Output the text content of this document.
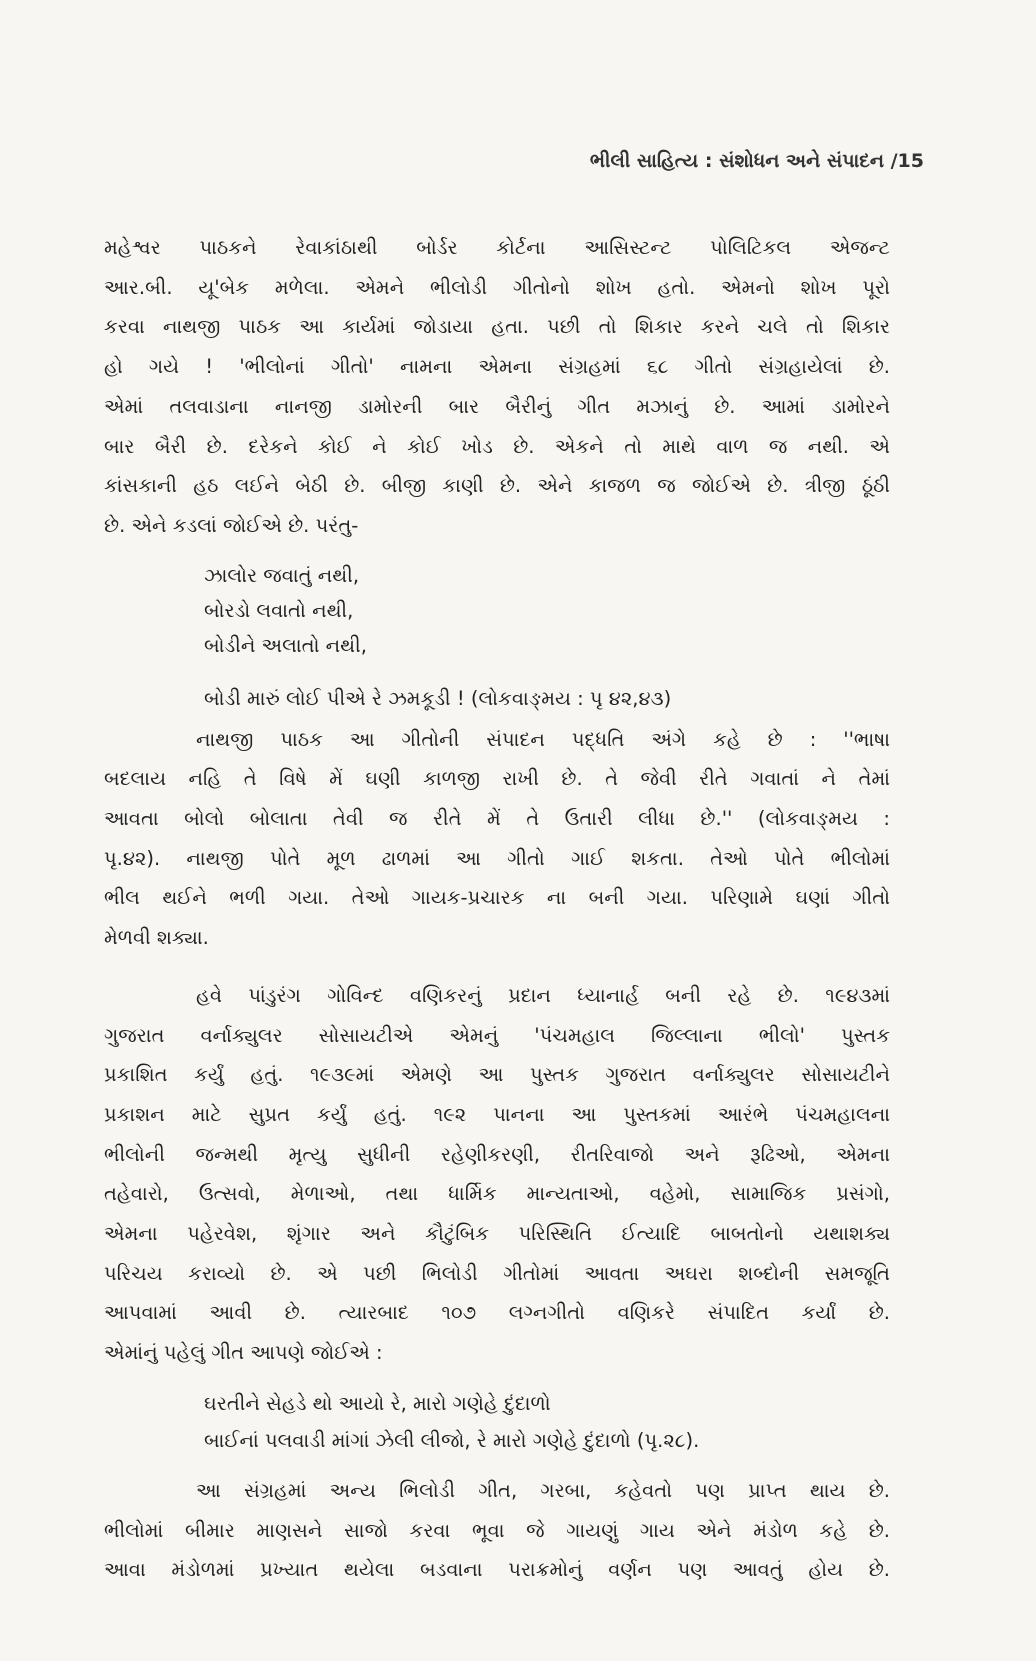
ભીલી સાહિત્ય : સંશોધન અને સંપાદન /15

મહેશ્વર પાઠકને રેવાકાંઠાથી બોર્ડર કોર્ટના આસિસ્ટન્ટ પોલિટિકલ એજન્ટ
આર.બી. યૂ'બેક મળેલા. એમને ભીલોડી ગીતોનો શોખ હતો. એમનો શોખ પૂરો
કરવા નાથજી પાઠક આ કાર્યમાં જોડાયા હતા. પછી તો શિકાર કરને ચલે તો શિકાર
હો ગયે ! 'ભીલોનાં ગીતો' નામના એમના સંગ્રહમાં ૬૮ ગીતો સંગ્રહાયેલાં છે.
એમાં તલવાડાના નાનજી ડામોરની બાર બૈરીનું ગીત મઝાનું છે. આમાં ડામોરને
બાર બૈરી છે. દરેકને કોઈ ને કોઈ ખોડ છે. એકને તો માથે વાળ જ નથી. એ
કાંસકાની હઠ લઈને બેઠી છે. બીજી કાણી છે. એને કાજળ જ જોઈએ છે. ત્રીજી ઠૂંઠી
છે. એને કડલાં જોઈએ છે. પરંતુ-

ઝાલોર જવાતું નથી,
બોરડો લવાતો નથી,
બોડીને અલાતો નથી,
બોડી મારું લોઈ પીએ રે ઝમકૂડી ! (લોકવાઙ્મય : પૃ ૪૨,૪૩)

નાથજી પાઠક આ ગીતોની સંપાદન પદ્ધતિ અંગે કહે છે : ''ભાષા
બદલાય નહિ તે વિષે મેં ઘણી કાળજી રાખી છે. તે જેવી રીતે ગવાતાં ને તેમાં
આવતા બોલો બોલાતા તેવી જ રીતે મેં તે ઉતારી લીધા છે.'' (લોકવાઙ્મય :
પૃ.૪૨). નાથજી પોતે મૂળ ઢાળમાં આ ગીતો ગાઈ શકતા. તેઓ પોતે ભીલોમાં
ભીલ થઈને ભળી ગયા. તેઓ ગાયક-પ્રચારક ના બની ગયા. પરિણામે ઘણાં ગીતો
મેળવી શક્યા.

હવે પાંડુરંગ ગોવિન્દ વણિકરનું પ્રદાન ધ્યાનાર્હ બની રહે છે. ૧૯૪૩માં
ગુજરાત વર્નાક્યુલર સોસાયટીએ એમનું 'પંચમહાલ જિલ્લાના ભીલો' પુસ્તક
પ્રકાશિત કર્યું હતું. ૧૯૩૯માં એમણે આ પુસ્તક ગુજરાત વર્નાક્યુલર સોસાયટીને
પ્રકાશન માટે સુપ્રત કર્યું હતું. ૧૯૨ પાનના આ પુસ્તકમાં આરંભે પંચમહાલના
ભીલોની જન્મથી મૃત્યુ સુધીની રહેણીકરણી, રીતરિવાજો અને રૂઢિઓ, એમના
તહેવારો, ઉત્સવો, મેળાઓ, તથા ધાર્મિક માન્યતાઓ, વહેમો, સામાજિક પ્રસંગો,
એમના પહેરવેશ, શૃંગાર અને કૌટુંબિક પરિસ્થિતિ ઈત્યાદિ બાબતોનો યથાશક્ય
પરિચય કરાવ્યો છે. એ પછી ભિલોડી ગીતોમાં આવતા અઘરા શબ્દોની સમજૂતિ
આપવામાં આવી છે. ત્યારબાદ ૧૦૭ લગ્નગીતો વણિકરે સંપાદિત કર્યાં છે.
એમાંનું પહેલું ગીત આપણે જોઈએ :

ઘરતીને સેહડે થો આયો રે, મારો ગણેહે દુંદાળો
બાઈનાં પલવાડી માંગાં ઝેલી લીજો, રે મારો ગણેહે દુંદાળો (પૃ.૨૮).

આ સંગ્રહમાં અન્ય ભિલોડી ગીત, ગરબા, કહેવતો પણ પ્રાપ્ત થાય છે.
ભીલોમાં બીમાર માણસને સાજો કરવા ભૂવા જે ગાયણું ગાય એને મંડોળ કહે છે.
આવા મંડોળમાં પ્રખ્યાત થયેલા બડવાના પરાક્રમોનું વર્ણન પણ આવતું હોય છે.
